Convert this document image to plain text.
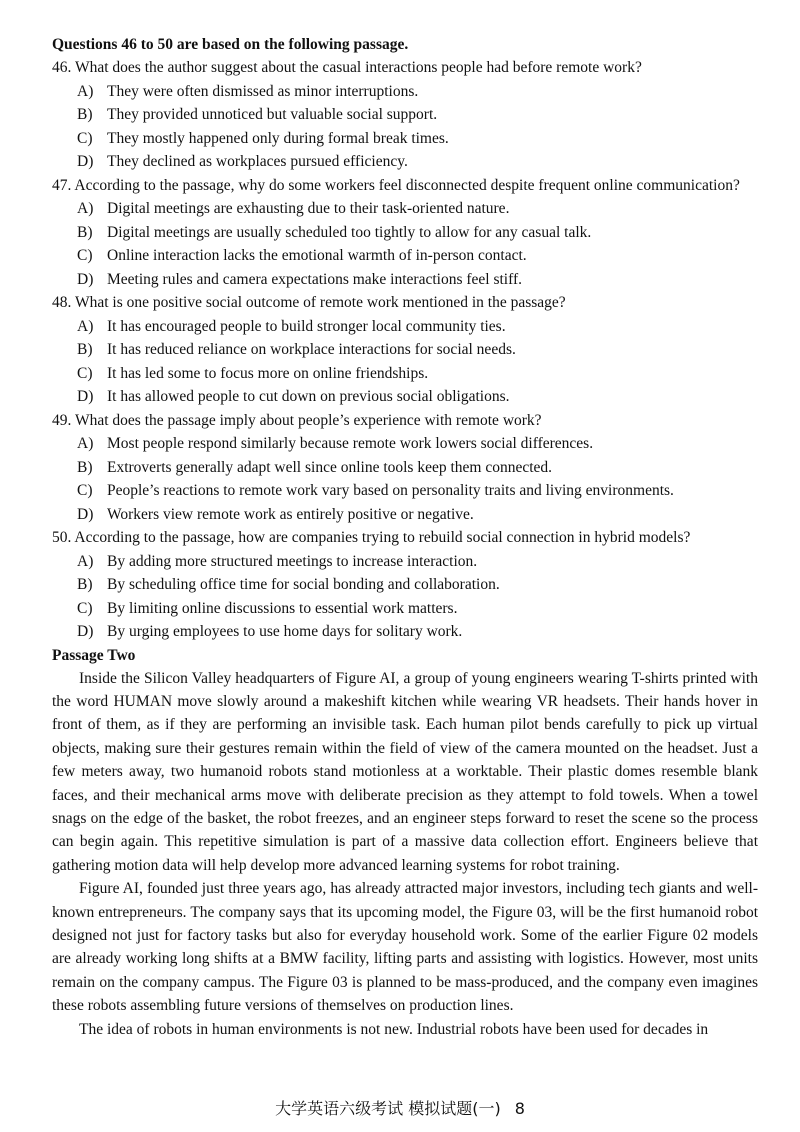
Questions 46 to 50 are based on the following passage.

46. What does the author suggest about the casual interactions people had before remote work?

A) They were often dismissed as minor interruptions.

B) They provided unnoticed but valuable social support.

C) They mostly happened only during formal break times.

D) They declined as workplaces pursued efficiency.

47. According to the passage, why do some workers feel disconnected despite frequent online communication?

A) Digital meetings are exhausting due to their task-oriented nature.

B) Digital meetings are usually scheduled too tightly to allow for any casual talk.

C) Online interaction lacks the emotional warmth of in-person contact.

D) Meeting rules and camera expectations make interactions feel stiff.

48. What is one positive social outcome of remote work mentioned in the passage?

A) It has encouraged people to build stronger local community ties.

B) It has reduced reliance on workplace interactions for social needs.

C) It has led some to focus more on online friendships.

D) It has allowed people to cut down on previous social obligations.

49. What does the passage imply about people’s experience with remote work?

A) Most people respond similarly because remote work lowers social differences.

B) Extroverts generally adapt well since online tools keep them connected.

C) People’s reactions to remote work vary based on personality traits and living environments.

D) Workers view remote work as entirely positive or negative.

50. According to the passage, how are companies trying to rebuild social connection in hybrid models?

A) By adding more structured meetings to increase interaction.

B) By scheduling office time for social bonding and collaboration.

C) By limiting online discussions to essential work matters.

D) By urging employees to use home days for solitary work.

Passage Two

Inside the Silicon Valley headquarters of Figure AI, a group of young engineers wearing T-shirts printed with the word HUMAN move slowly around a makeshift kitchen while wearing VR headsets. Their hands hover in front of them, as if they are performing an invisible task. Each human pilot bends carefully to pick up virtual objects, making sure their gestures remain within the field of view of the camera mounted on the headset. Just a few meters away, two humanoid robots stand motionless at a worktable. Their plastic domes resemble blank faces, and their mechanical arms move with deliberate precision as they attempt to fold towels. When a towel snags on the edge of the basket, the robot freezes, and an engineer steps forward to reset the scene so the process can begin again. This repetitive simulation is part of a massive data collection effort. Engineers believe that gathering motion data will help develop more advanced learning systems for robot training.

Figure AI, founded just three years ago, has already attracted major investors, including tech giants and well-known entrepreneurs. The company says that its upcoming model, the Figure 03, will be the first humanoid robot designed not just for factory tasks but also for everyday household work. Some of the earlier Figure 02 models are already working long shifts at a BMW facility, lifting parts and assisting with logistics. However, most units remain on the company campus. The Figure 03 is planned to be mass-produced, and the company even imagines these robots assembling future versions of themselves on production lines.

The idea of robots in human environments is not new. Industrial robots have been used for decades in

大学英语六级考试 模拟试题(一) 8
